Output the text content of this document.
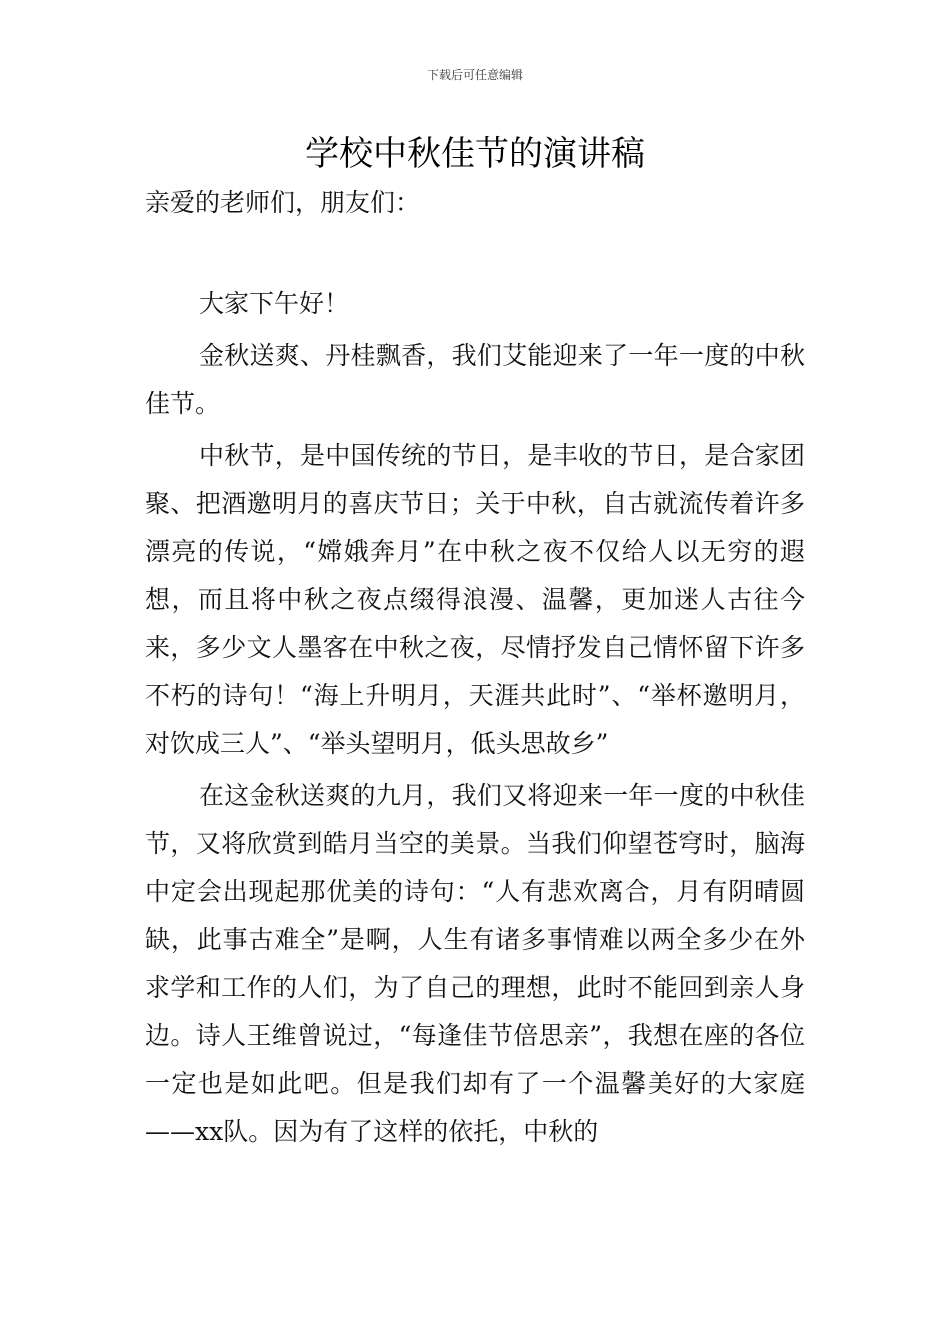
下载后可任意编辑
学校中秋佳节的演讲稿

亲爱的老师们，朋友们：

大家下午好！

金秋送爽、丹桂飘香，我们艾能迎来了一年一度的中秋佳节。

中秋节，是中国传统的节日，是丰收的节日，是合家团聚、把酒邀明月的喜庆节日；关于中秋，自古就流传着许多漂亮的传说，“嫦娥奔月”在中秋之夜不仅给人以无穷的遐想，而且将中秋之夜点缀得浪漫、温馨，更加迷人古往今来，多少文人墨客在中秋之夜，尽情抒发自己情怀留下许多不朽的诗句！“海上升明月，天涯共此时”、“举杯邀明月，对饮成三人”、“举头望明月，低头思故乡”

在这金秋送爽的九月，我们又将迎来一年一度的中秋佳节，又将欣赏到皓月当空的美景。当我们仰望苍穹时，脑海中定会出现起那优美的诗句：“人有悲欢离合，月有阴晴圆缺，此事古难全”是啊，人生有诸多事情难以两全多少在外求学和工作的人们，为了自己的理想，此时不能回到亲人身边。诗人王维曾说过，“每逢佳节倍思亲”，我想在座的各位一定也是如此吧。但是我们却有了一个温馨美好的大家庭——xx队。因为有了这样的依托，中秋的
